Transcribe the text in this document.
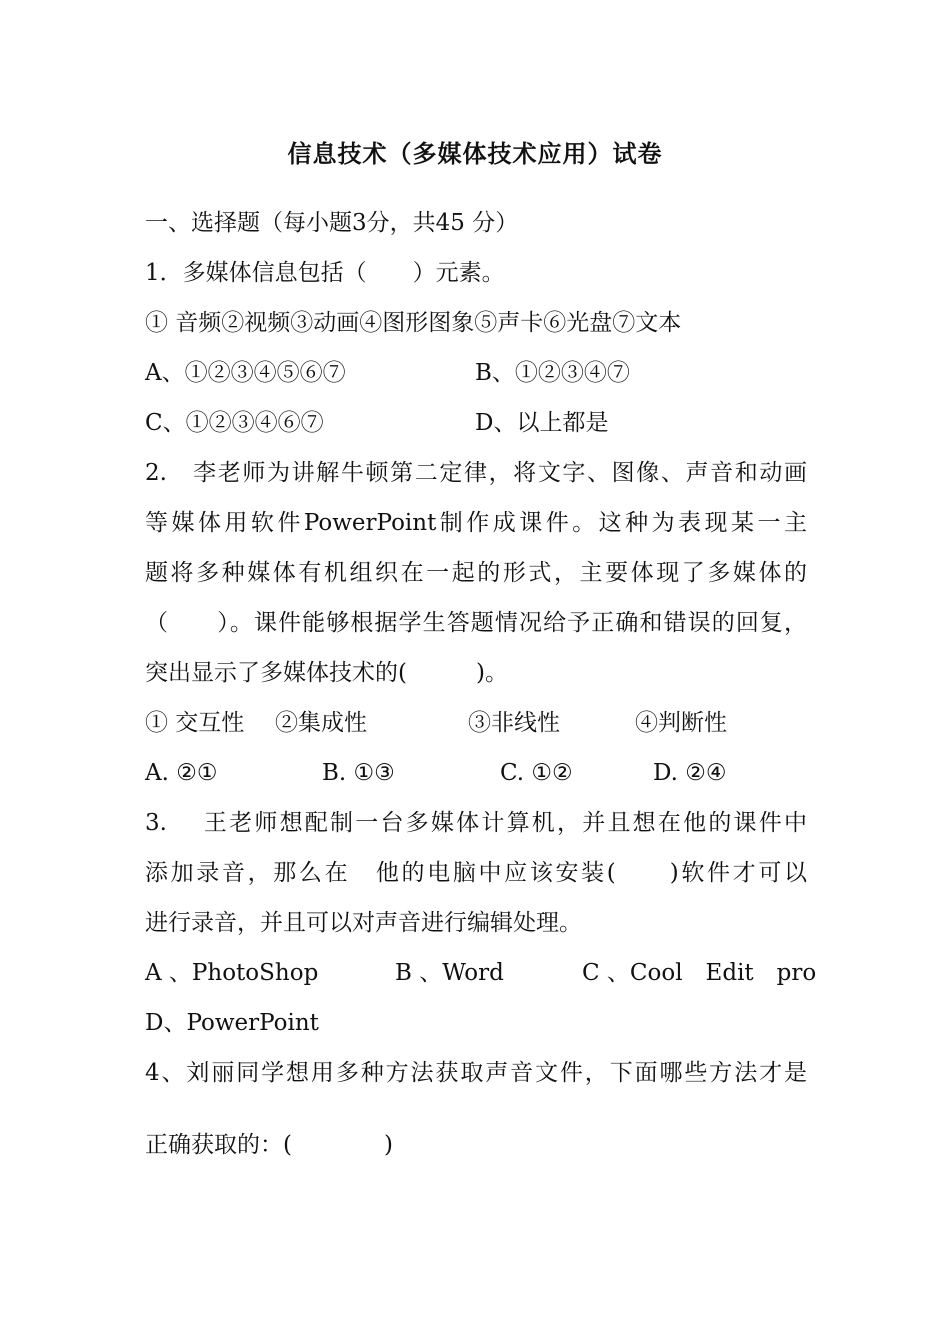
信息技术（多媒体技术应用）试卷
一、选择题（每小题3分，共45 分）
1．多媒体信息包括（　　）元素。
① 音频②视频③动画④图形图象⑤声卡⑥光盘⑦文本
A、①②③④⑤⑥⑦	B、①②③④⑦
C、①②③④⑥⑦	D、以上都是
2.　李老师为讲解牛顿第二定律，将文字、图像、声音和动画
等媒体用软件PowerPoint制作成课件。这种为表现某一主
题将多种媒体有机组织在一起的形式，主要体现了多媒体的
（　　）。课件能够根据学生答题情况给予正确和错误的回复，
突出显示了多媒体技术的(　　　)。
① 交互性 ②集成性	③非线性	④判断性
A. ②①	B. ①③	C. ①②	D. ②④
3.　 王老师想配制一台多媒体计算机，并且想在他的课件中
添加录音，那么在　他的电脑中应该安装(　　)软件才可以
进行录音，并且可以对声音进行编辑处理。
A 、PhotoShop	B 、Word	C 、Cool　Edit　pro
D、PowerPoint
4、刘丽同学想用多种方法获取声音文件，下面哪些方法才是
正确获取的：(　　　　)
